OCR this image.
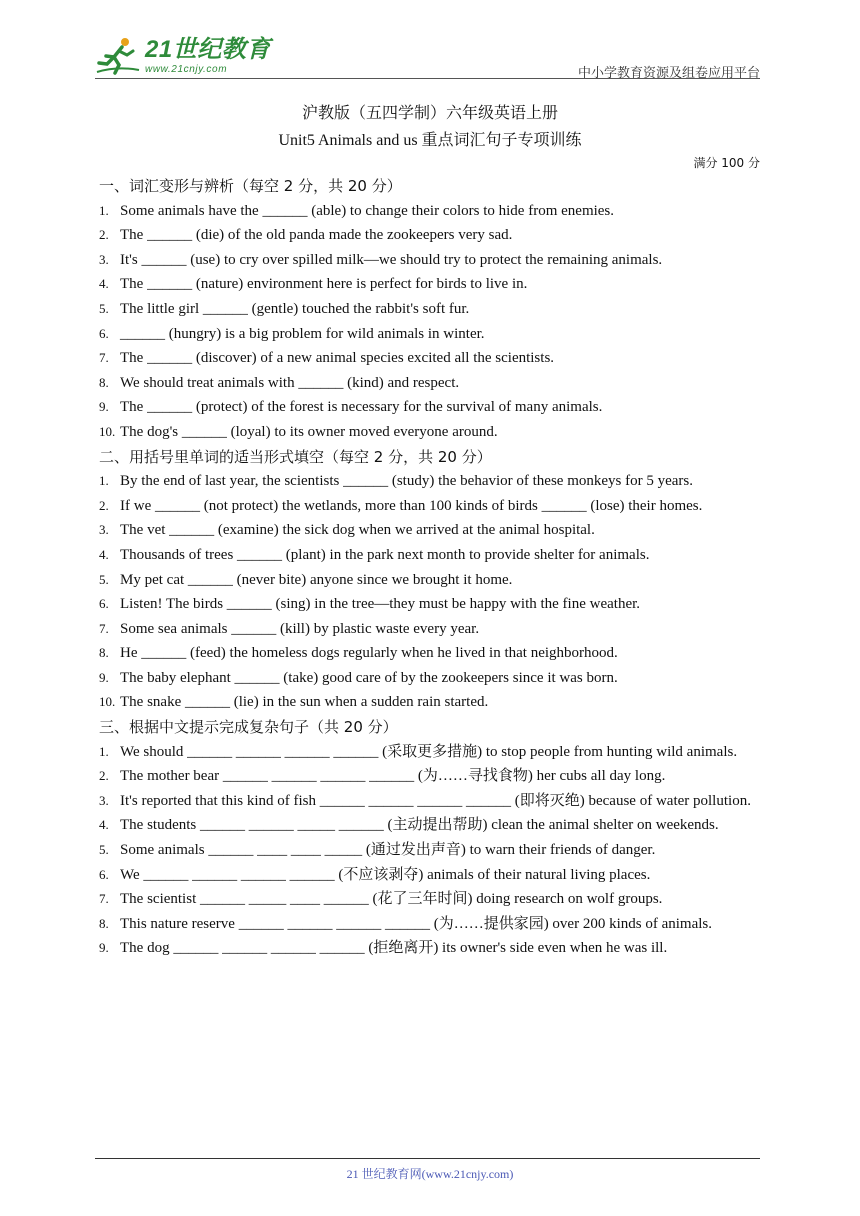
21世纪教育
www.21cnjy.com	中小学教育资源及组卷应用平台
沪教版（五四学制）六年级英语上册
Unit5 Animals and us 重点词汇句子专项训练
满分 100 分
一、词汇变形与辨析（每空 2 分，共 20 分）
1. Some animals have the ______ (able) to change their colors to hide from enemies.
2. The ______ (die) of the old panda made the zookeepers very sad.
3. It's ______ (use) to cry over spilled milk—we should try to protect the remaining animals.
4. The ______ (nature) environment here is perfect for birds to live in.
5. The little girl ______ (gentle) touched the rabbit's soft fur.
6. ______ (hungry) is a big problem for wild animals in winter.
7. The ______ (discover) of a new animal species excited all the scientists.
8. We should treat animals with ______ (kind) and respect.
9. The ______ (protect) of the forest is necessary for the survival of many animals.
10. The dog's ______ (loyal) to its owner moved everyone around.
二、用括号里单词的适当形式填空（每空 2 分，共 20 分）
1. By the end of last year, the scientists ______ (study) the behavior of these monkeys for 5 years.
2. If we ______ (not protect) the wetlands, more than 100 kinds of birds ______ (lose) their homes.
3. The vet ______ (examine) the sick dog when we arrived at the animal hospital.
4. Thousands of trees ______ (plant) in the park next month to provide shelter for animals.
5. My pet cat ______ (never bite) anyone since we brought it home.
6. Listen! The birds ______ (sing) in the tree—they must be happy with the fine weather.
7. Some sea animals ______ (kill) by plastic waste every year.
8. He ______ (feed) the homeless dogs regularly when he lived in that neighborhood.
9. The baby elephant ______ (take) good care of by the zookeepers since it was born.
10. The snake ______ (lie) in the sun when a sudden rain started.
三、根据中文提示完成复杂句子（共 20 分）
1. We should ______ ______ ______ ______ (采取更多措施) to stop people from hunting wild animals.
2. The mother bear ______ ______ ______ ______ (为……寻找食物) her cubs all day long.
3. It's reported that this kind of fish ______ ______ ______ ______ (即将灭绝) because of water pollution.
4. The students ______ ______ _____ ______ (主动提出帮助) clean the animal shelter on weekends.
5. Some animals ______ ____ ____ _____ (通过发出声音) to warn their friends of danger.
6. We ______ ______ ______ ______ (不应该剥夺) animals of their natural living places.
7. The scientist ______ _____ ____ ______ (花了三年时间) doing research on wolf groups.
8. This nature reserve ______ ______ ______ ______ (为……提供家园) over 200 kinds of animals.
9. The dog ______ ______ ______ ______ (拒绝离开) its owner's side even when he was ill.
21 世纪教育网(www.21cnjy.com)
